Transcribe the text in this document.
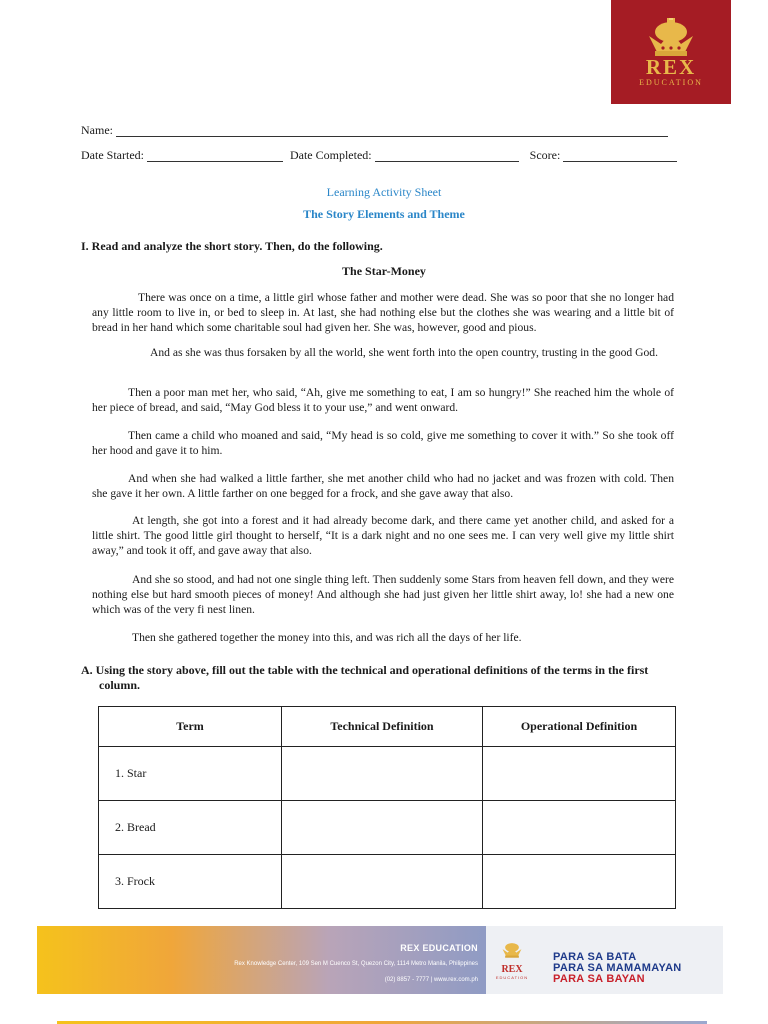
REX
EDUCATION
Name:
Date Started:	Date Completed:	Score:
Learning Activity Sheet
The Story Elements and Theme
I. Read and analyze the short story. Then, do the following.
The Star-Money

There was once on a time, a little girl whose father and mother were dead. She was so poor that she no longer had any little room to live in, or bed to sleep in. At last, she had nothing else but the clothes she was wearing and a little bit of bread in her hand which some charitable soul had given her. She was, however, good and pious.

And as she was thus forsaken by all the world, she went forth into the open country, trusting in the good God.

Then a poor man met her, who said, “Ah, give me something to eat, I am so hungry!” She reached him the whole of her piece of bread, and said, “May God bless it to your use,” and went onward.

Then came a child who moaned and said, “My head is so cold, give me something to cover it with.” So she took off her hood and gave it to him.

And when she had walked a little farther, she met another child who had no jacket and was frozen with cold. Then she gave it her own. A little farther on one begged for a frock, and she gave away that also.

At length, she got into a forest and it had already become dark, and there came yet another child, and asked for a little shirt. The good little girl thought to herself, “It is a dark night and no one sees me. I can very well give my little shirt away,” and took it off, and gave away that also.

And she so stood, and had not one single thing left. Then suddenly some Stars from heaven fell down, and they were nothing else but hard smooth pieces of money! And although she had just given her little shirt away, lo! she had a new one which was of the very fi nest linen.

Then she gathered together the money into this, and was rich all the days of her life.

A. Using the story above, fill out the table with the technical and operational definitions of the terms in the first
column.
Term	Technical Definition	Operational Definition
1. Star		
2. Bread		
3. Frock		
REX EDUCATION
Rex Knowledge Center, 109 Sen M Cuenco St, Quezon City, 1114 Metro Manila, Philippines
(02) 8857 - 7777 | www.rex.com.ph
REX
EDUCATION
PARA SA BATA
PARA SA MAMAMAYAN
PARA SA BAYAN
